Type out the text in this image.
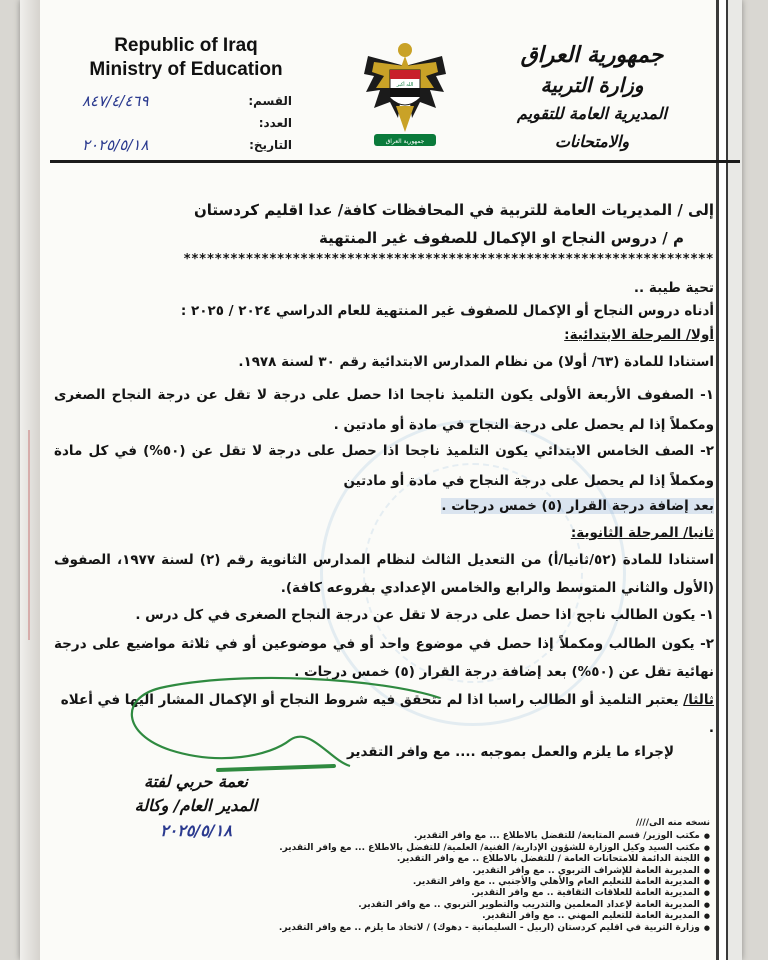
Republic of Iraq
Ministry of Education
القسم:
٨٤٧/٤/٤٦٩
العدد:
التاريخ:
٢٠٢٥/٥/١٨
الله أكبر
جمهورية العراق
جمهورية العراق
وزارة التربية
المديرية العامة للتقويم والامتحانات
إلى / المديريات العامة للتربية في المحافظات كافة/ عدا اقليم كردستان
م / دروس النجاح او الإكمال للصفوف غير المنتهية
********************************************************************
تحية طيبة ..
أدناه دروس النجاح أو الإكمال للصفوف غير المنتهية للعام الدراسي ٢٠٢٤ / ٢٠٢٥ :
أولا/ المرحلة الابتدائية:
استنادا للمادة (٦٣/ أولا) من نظام المدارس الابتدائية رقم ٣٠ لسنة ١٩٧٨.
١- الصفوف الأربعة الأولى يكون التلميذ ناجحا اذا حصل على درجة لا تقل عن درجة النجاح الصغرى ومكملاً إذا لم يحصل على درجة النجاح في مادة أو مادتين .
٢- الصف الخامس الابتدائي يكون التلميذ ناجحا اذا حصل على درجة لا تقل عن (٥٠%) في كل مادة ومكملاً إذا لم يحصل على درجة النجاح في مادة أو مادتين
بعد إضافة درجة القرار (٥) خمس درجات .
ثانيا/ المرحلة الثانوية:
استنادا للمادة (٥٢/ثانيا/أ) من التعديل الثالث لنظام المدارس الثانوية رقم (٢) لسنة ١٩٧٧، الصفوف (الأول والثاني المتوسط والرابع والخامس الإعدادي بفروعه كافة).
١- يكون الطالب ناجح اذا حصل على درجة لا تقل عن درجة النجاح الصغرى في كل درس .
٢- يكون الطالب ومكملاً إذا حصل في موضوع واحد أو في موضوعين أو في ثلاثة مواضيع على درجة نهائية تقل عن (٥٠%) بعد إضافة درجة القرار (٥) خمس درجات .
ثالثا/ يعتبر التلميذ أو الطالب راسبا اذا لم تتحقق فيه شروط النجاح أو الإكمال المشار اليها في أعلاه .
لإجراء ما يلزم والعمل بموجبه .... مع وافر التقدير
نعمة حربي لفتة
المدير العام/ وكالة
٢٠٢٥/٥/١٨	نسخه منه الى////
● مكتب الوزير/ قسم المتابعة/ للتفضل بالاطلاع ... مع وافر التقدير.
● مكتب السيد وكيل الوزارة للشؤون الإدارية/ الفنية/ العلمية/ للتفضل بالاطلاع ... مع وافر التقدير.
● اللجنة الدائمة للامتحانات العامة / للتفضل بالاطلاع .. مع وافر التقدير.
● المديرية العامة للإشراف التربوي .. مع وافر التقدير.
● المديرية العامة للتعليم العام والأهلي والأجنبي .. مع وافر التقدير.
● المديرية العامة للعلاقات الثقافية .. مع وافر التقدير.
● المديرية العامة لإعداد المعلمين والتدريب والتطوير التربوي .. مع وافر التقدير.
● المديرية العامة للتعليم المهني .. مع وافر التقدير.
● وزارة التربية في اقليم كردستان (اربيل - السليمانية - دهوك) / لاتخاذ ما يلزم .. مع وافر التقدير.
